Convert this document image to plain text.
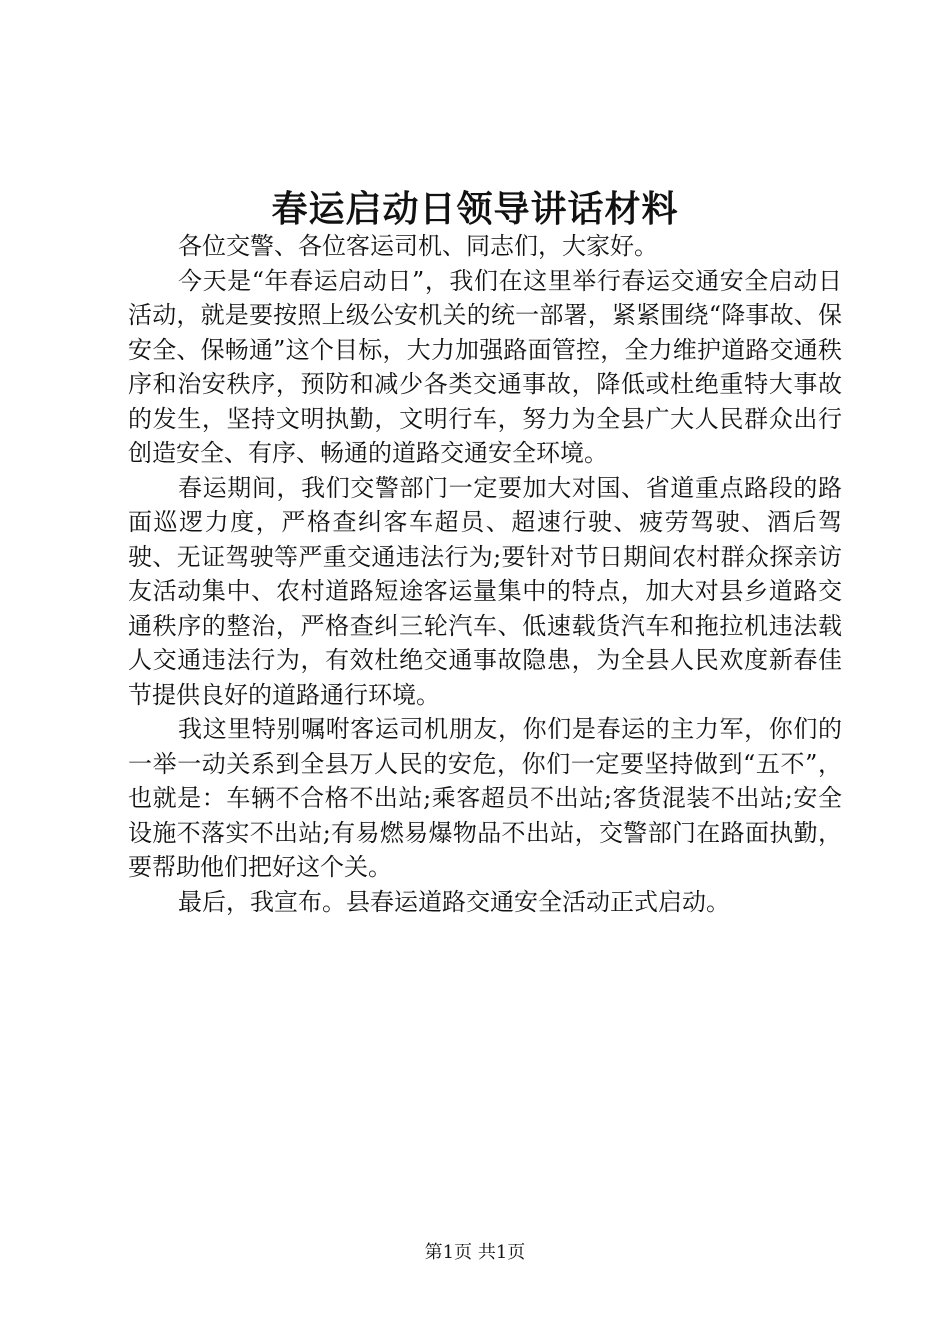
春运启动日领导讲话材料

各位交警、各位客运司机、同志们，大家好。

今天是“年春运启动日”，我们在这里举行春运交通安全启动日活动，就是要按照上级公安机关的统一部署，紧紧围绕“降事故、保安全、保畅通”这个目标，大力加强路面管控，全力维护道路交通秩序和治安秩序，预防和减少各类交通事故，降低或杜绝重特大事故的发生，坚持文明执勤，文明行车，努力为全县广大人民群众出行创造安全、有序、畅通的道路交通安全环境。

春运期间，我们交警部门一定要加大对国、省道重点路段的路面巡逻力度，严格查纠客车超员、超速行驶、疲劳驾驶、酒后驾驶、无证驾驶等严重交通违法行为;要针对节日期间农村群众探亲访友活动集中、农村道路短途客运量集中的特点，加大对县乡道路交通秩序的整治，严格查纠三轮汽车、低速载货汽车和拖拉机违法载人交通违法行为，有效杜绝交通事故隐患，为全县人民欢度新春佳节提供良好的道路通行环境。

我这里特别嘱咐客运司机朋友，你们是春运的主力军，你们的一举一动关系到全县万人民的安危，你们一定要坚持做到“五不”，也就是：车辆不合格不出站;乘客超员不出站;客货混装不出站;安全设施不落实不出站;有易燃易爆物品不出站，交警部门在路面执勤，要帮助他们把好这个关。

最后，我宣布。县春运道路交通安全活动正式启动。

第1页 共1页
